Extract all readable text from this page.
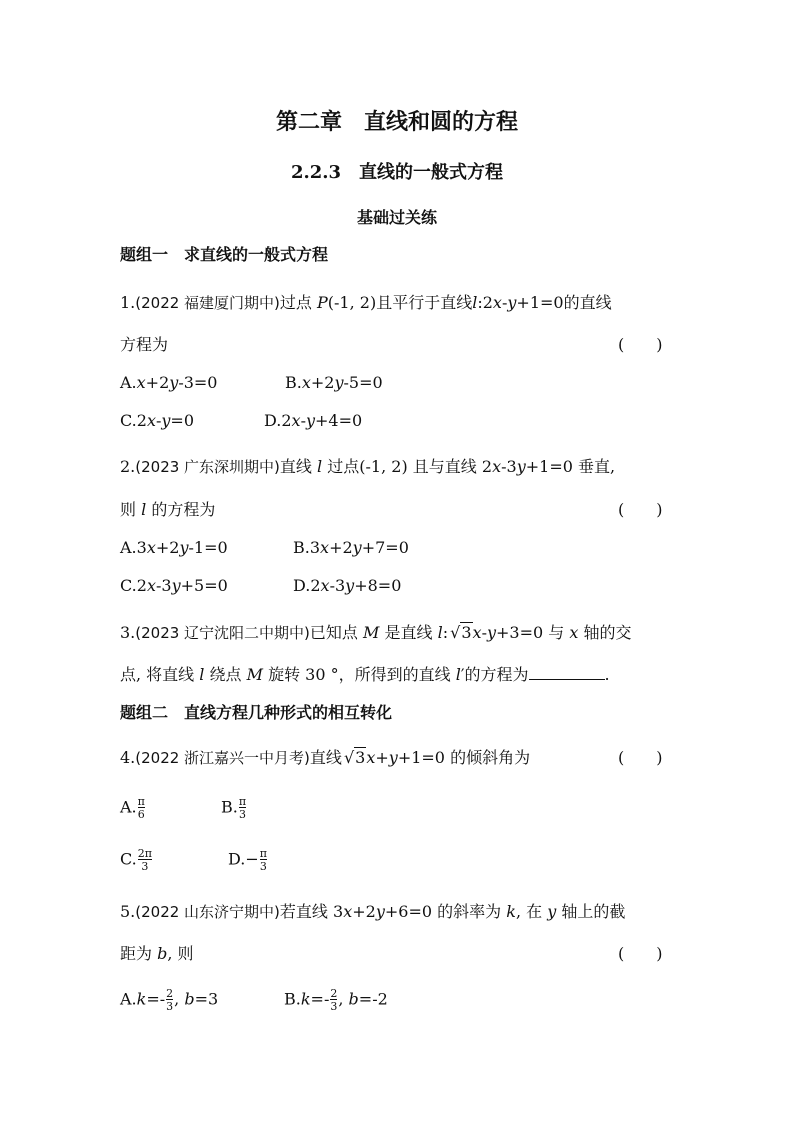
第二章　直线和圆的方程
2.2.3　直线的一般式方程
基础过关练
题组一　求直线的一般式方程
1.(2022 福建厦门期中)过点 P(-1, 2)且平行于直线l:2x-y+1=0的直线
方程为	(　　)
A.x+2y-3=0	B.x+2y-5=0
C.2x-y=0	D.2x-y+4=0
2.(2023 广东深圳期中)直线 l 过点(-1, 2) 且与直线 2x-3y+1=0 垂直,
则 l 的方程为	(　　)
A.3x+2y-1=0	B.3x+2y+7=0
C.2x-3y+5=0	D.2x-3y+8=0
3.(2023 辽宁沈阳二中期中)已知点 M 是直线 l: √3x-y+3=0 与 x 轴的交
点, 将直线 l 绕点 M 旋转 30 °，所得到的直线 l′的方程为	.
题组二　直线方程几种形式的相互转化
4.(2022 浙江嘉兴一中月考)直线 √3x+y+1=0 的倾斜角为	(　　)
A. $\frac{\pi}{6}$	B. $\frac{\pi}{3}$
C. $\frac{2\pi}{3}$	$D.- \frac{\pi}{3}$
5.(2022 山东济宁期中)若直线 3x+2y+6=0 的斜率为 k, 在 y 轴上的截
距为 b, 则	(　　)
$A.k=- \frac{2}{3}$ , b=3	$B.k=- \frac{2}{3}$ , b=-2
